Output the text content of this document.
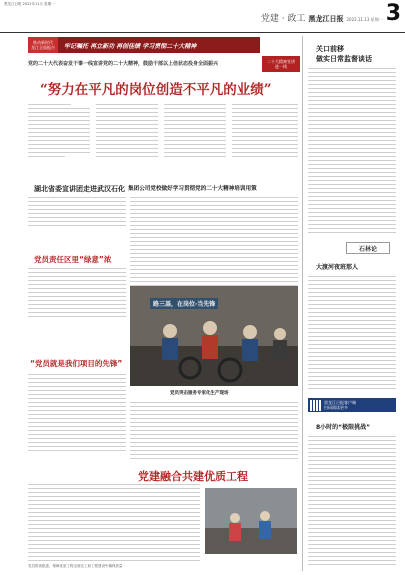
黑龙江日报 2022年11月 星期一
党建 · 政工 黑龙江日报 2022.11.13 星期一 3
推动新时代
龙江全面振兴	牢记嘱托 再立新功 再创佳绩 学习贯彻二十大精神
党的二十大代表奋发干事一线宣讲党的二十大精神，鼓励干部以上佳状态投身全面振兴	二十大精神宣讲
进一线
“努力在平凡的岗位创造不平凡的业绩”
湖北省委宣讲团走进武汉石化 集团公司党校做好学习贯彻党的二十大精神培训用策
党员责任区里“绿意”浓
路三基，在岗位·当先锋
党员突击服务专家化生产现场
“党员就是我们项目的先锋”
党建融合共建优质工程
党员排查隐患，保障优质工程全面完工和工程建设中确保质量
关口前移
做实日常监督谈话
石林论
大渡河夜班那人
黑龙江日报客户端
扫码阅读更多
8小时的“极限挑战”
